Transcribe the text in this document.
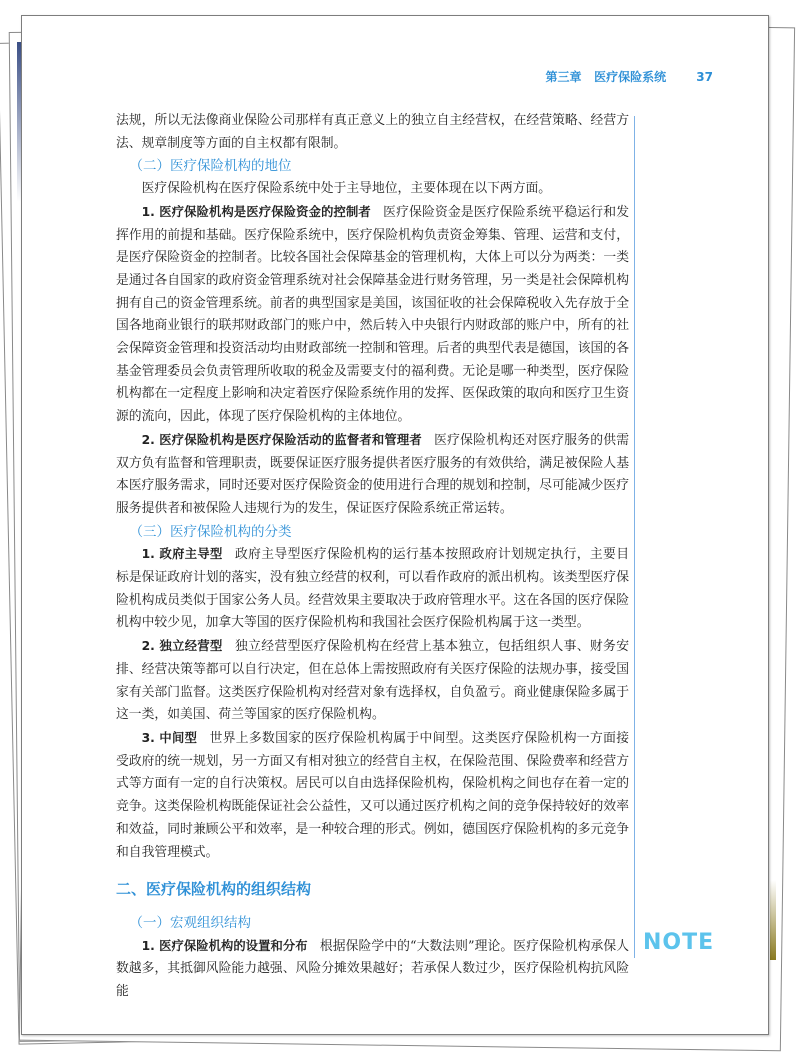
第三章 医疗保险系统	37

法规，所以无法像商业保险公司那样有真正意义上的独立自主经营权，在经营策略、经营方法、规章制度等方面的自主权都有限制。

（二）医疗保险机构的地位

医疗保险机构在医疗保险系统中处于主导地位，主要体现在以下两方面。

1. 医疗保险机构是医疗保险资金的控制者 医疗保险资金是医疗保险系统平稳运行和发挥作用的前提和基础。医疗保险系统中，医疗保险机构负责资金筹集、管理、运营和支付，是医疗保险资金的控制者。比较各国社会保障基金的管理机构，大体上可以分为两类：一类是通过各自国家的政府资金管理系统对社会保障基金进行财务管理，另一类是社会保障机构拥有自己的资金管理系统。前者的典型国家是美国，该国征收的社会保障税收入先存放于全国各地商业银行的联邦财政部门的账户中，然后转入中央银行内财政部的账户中，所有的社会保障资金管理和投资活动均由财政部统一控制和管理。后者的典型代表是德国，该国的各基金管理委员会负责管理所收取的税金及需要支付的福利费。无论是哪一种类型，医疗保险机构都在一定程度上影响和决定着医疗保险系统作用的发挥、医保政策的取向和医疗卫生资源的流向，因此，体现了医疗保险机构的主体地位。

2. 医疗保险机构是医疗保险活动的监督者和管理者 医疗保险机构还对医疗服务的供需双方负有监督和管理职责，既要保证医疗服务提供者医疗服务的有效供给，满足被保险人基本医疗服务需求，同时还要对医疗保险资金的使用进行合理的规划和控制，尽可能减少医疗服务提供者和被保险人违规行为的发生，保证医疗保险系统正常运转。

（三）医疗保险机构的分类

1. 政府主导型 政府主导型医疗保险机构的运行基本按照政府计划规定执行，主要目标是保证政府计划的落实，没有独立经营的权利，可以看作政府的派出机构。该类型医疗保险机构成员类似于国家公务人员。经营效果主要取决于政府管理水平。这在各国的医疗保险机构中较少见，加拿大等国的医疗保险机构和我国社会医疗保险机构属于这一类型。

2. 独立经营型 独立经营型医疗保险机构在经营上基本独立，包括组织人事、财务安排、经营决策等都可以自行决定，但在总体上需按照政府有关医疗保险的法规办事，接受国家有关部门监督。这类医疗保险机构对经营对象有选择权，自负盈亏。商业健康保险多属于这一类，如美国、荷兰等国家的医疗保险机构。

3. 中间型 世界上多数国家的医疗保险机构属于中间型。这类医疗保险机构一方面接受政府的统一规划，另一方面又有相对独立的经营自主权，在保险范围、保险费率和经营方式等方面有一定的自行决策权。居民可以自由选择保险机构，保险机构之间也存在着一定的竞争。这类保险机构既能保证社会公益性，又可以通过医疗机构之间的竞争保持较好的效率和效益，同时兼顾公平和效率，是一种较合理的形式。例如，德国医疗保险机构的多元竞争和自我管理模式。

二、医疗保险机构的组织结构
（一）宏观组织结构

1. 医疗保险机构的设置和分布 根据保险学中的“大数法则”理论。医疗保险机构承保人数越多，其抵御风险能力越强、风险分摊效果越好；若承保人数过少，医疗保险机构抗风险能

NOTE
